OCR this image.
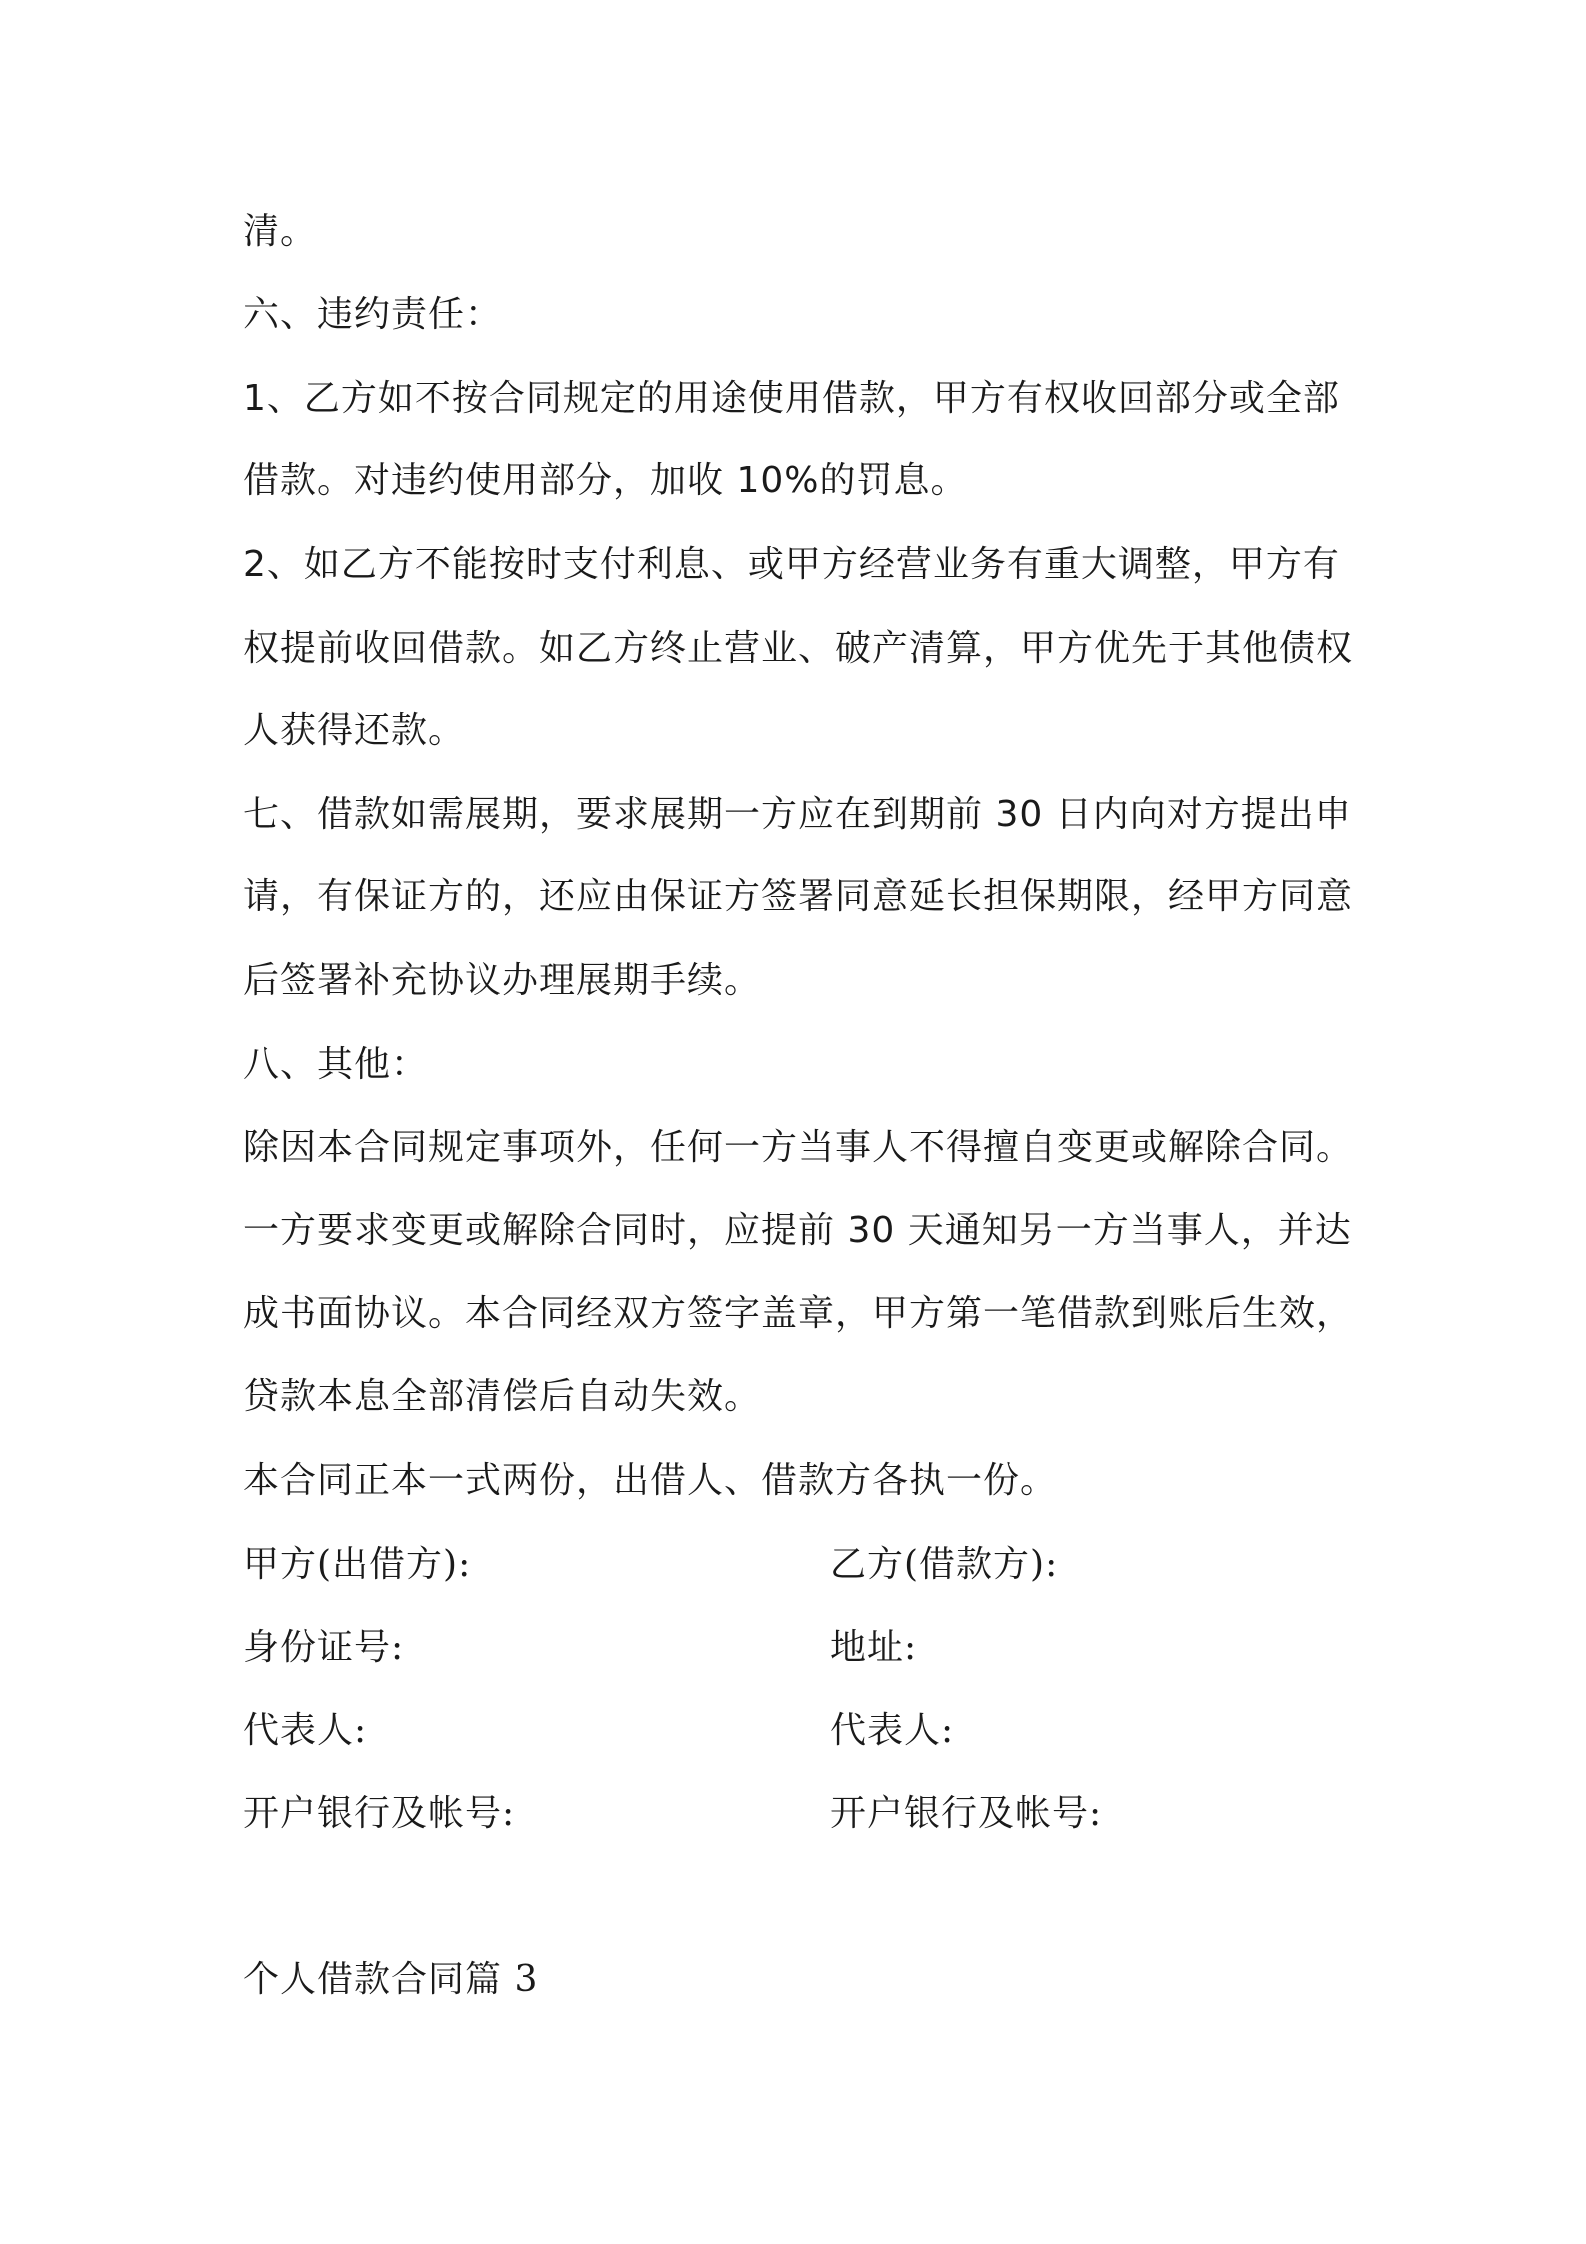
清。
六、违约责任：
1、乙方如不按合同规定的用途使用借款，甲方有权收回部分或全部
借款。对违约使用部分，加收 10%的罚息。
2、如乙方不能按时支付利息、或甲方经营业务有重大调整，甲方有
权提前收回借款。如乙方终止营业、破产清算，甲方优先于其他债权
人获得还款。
七、借款如需展期，要求展期一方应在到期前 30 日内向对方提出申
请，有保证方的，还应由保证方签署同意延长担保期限，经甲方同意
后签署补充协议办理展期手续。
八、其他：
除因本合同规定事项外，任何一方当事人不得擅自变更或解除合同。
一方要求变更或解除合同时，应提前 30 天通知另一方当事人，并达
成书面协议。本合同经双方签字盖章，甲方第一笔借款到账后生效，
贷款本息全部清偿后自动失效。
本合同正本一式两份，出借人、借款方各执一份。
甲方(出借方):	乙方(借款方):
身份证号:	地址:
代表人:	代表人:
开户银行及帐号:	开户银行及帐号:
个人借款合同篇 3
